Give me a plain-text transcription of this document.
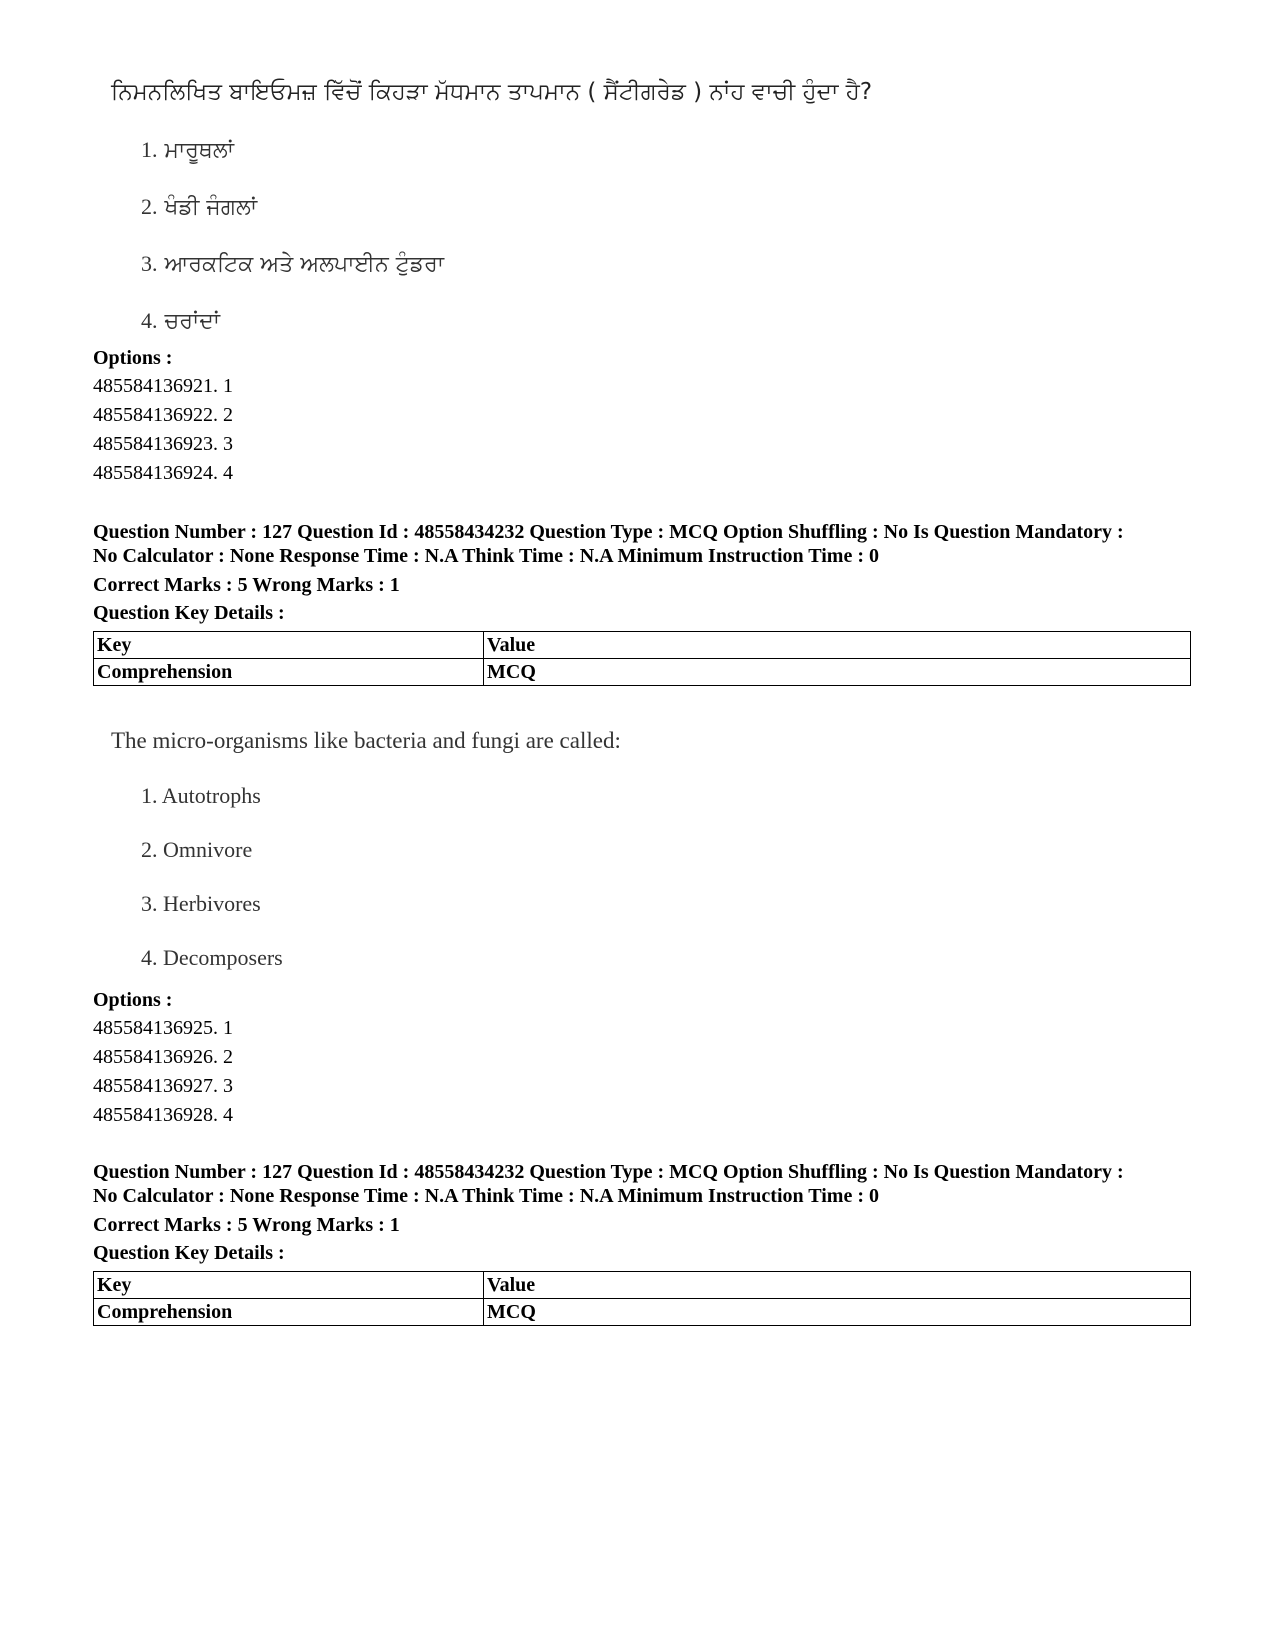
ਨਿਮਨਲਿਖਿਤ ਬਾਇਓਮਜ਼ ਵਿੱਚੋਂ ਕਿਹੜਾ ਮੱਧਮਾਨ ਤਾਪਮਾਨ ( ਸੈਂਟੀਗਰੇਡ ) ਨਾਂਹ ਵਾਚੀ ਹੁੰਦਾ ਹੈ?
1. ਮਾਰੂਥਲਾਂ
2. ਖੰਡੀ ਜੰਗਲਾਂ
3. ਆਰਕਟਿਕ ਅਤੇ ਅਲਪਾਈਨ ਟੁੰਡਰਾ
4. ਚਰਾਂਦਾਂ
Options :
485584136921. 1
485584136922. 2
485584136923. 3
485584136924. 4
Question Number : 127 Question Id : 48558434232 Question Type : MCQ Option Shuffling : No Is Question Mandatory :
No Calculator : None Response Time : N.A Think Time : N.A Minimum Instruction Time : 0
Correct Marks : 5 Wrong Marks : 1
Question Key Details :
Key	Value
Comprehension	MCQ
The micro-organisms like bacteria and fungi are called:
1. Autotrophs
2. Omnivore
3. Herbivores
4. Decomposers
Options :
485584136925. 1
485584136926. 2
485584136927. 3
485584136928. 4
Question Number : 127 Question Id : 48558434232 Question Type : MCQ Option Shuffling : No Is Question Mandatory :
No Calculator : None Response Time : N.A Think Time : N.A Minimum Instruction Time : 0
Correct Marks : 5 Wrong Marks : 1
Question Key Details :
Key	Value
Comprehension	MCQ
